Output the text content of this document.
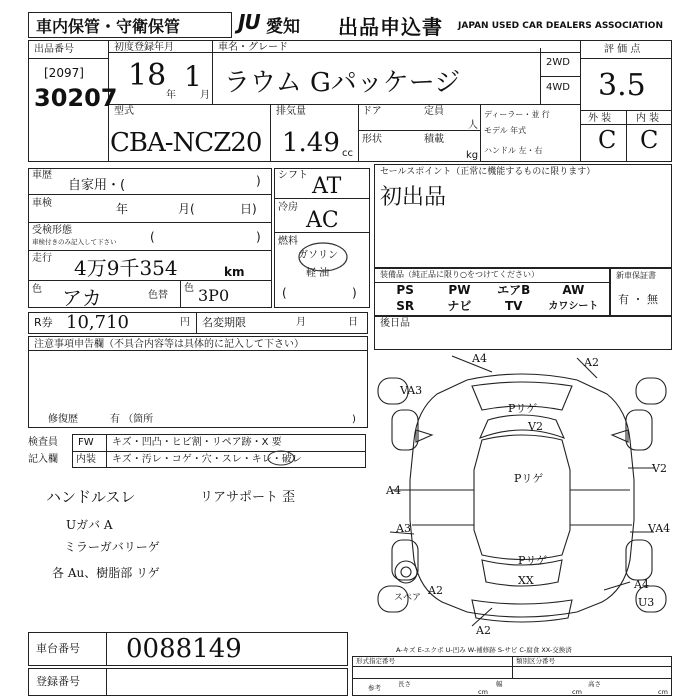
車内保管・守衛保管	JU 愛知 出品申込書 JAPAN USED CAR DEALERS ASSOCIATION
出品番号
[2097]
30207
初度登録年月
18
年
1
月
車名・グレード
ラウム Gパッケージ
2WD
4WD
評 価 点
3.5
外 装 内 装
C C
型式
CBA-NCZ20
排気量
1.49 cc
ドア	定員
人
形状	積載
kg
ディーラー・並 行
モデル 年式
ハンドル 左・右
車歴
自家用・(	)
車検	年	月(	日)
受検形態
車検付きのみ記入して下さい	(	)
走行 4万9千354	km
色 アカ	色替
色 3P0
シフト AT
冷房
AC
燃料
ガソリン
軽 油
(	)
セールスポイント（正常に機能するものに限ります）
初出品
装備品（純正品に限り○をつけてください）
PS	PW	エアB	AW
SR	ナビ	TV	カワシート
新車保証書
有 ・ 無
後日品
R券 10,710	円 名変期限	月	日
注意事項申告欄（不具合内容等は具体的に記入して下さい）
修復歴	有 （箇所	)
検査員
記入欄
FW キズ・凹凸・ヒビ割・リペア跡・X 要
内装 キズ・汚レ・コゲ・穴・スレ・キレ・破レ
ハンドルスレ	リアサポート 歪
Uガバ A
ミラーガバリーゲ
各 Au、樹脂部 リゲ
A4	A2
VA3
Pリゲ
V2
Pリゲ
A4
V2
A3	VA4
Pリゲ
XX
A2	A4
U3
A2
スペア
A-キズ E-エクボ U-凹み W-補修跡 S-サビ C-腐食 XX-交換済
車台番号 0088149
登録番号
形式指定番号	類別区分番号
参考	長さ
cm
幅
cm
高さ
cm
